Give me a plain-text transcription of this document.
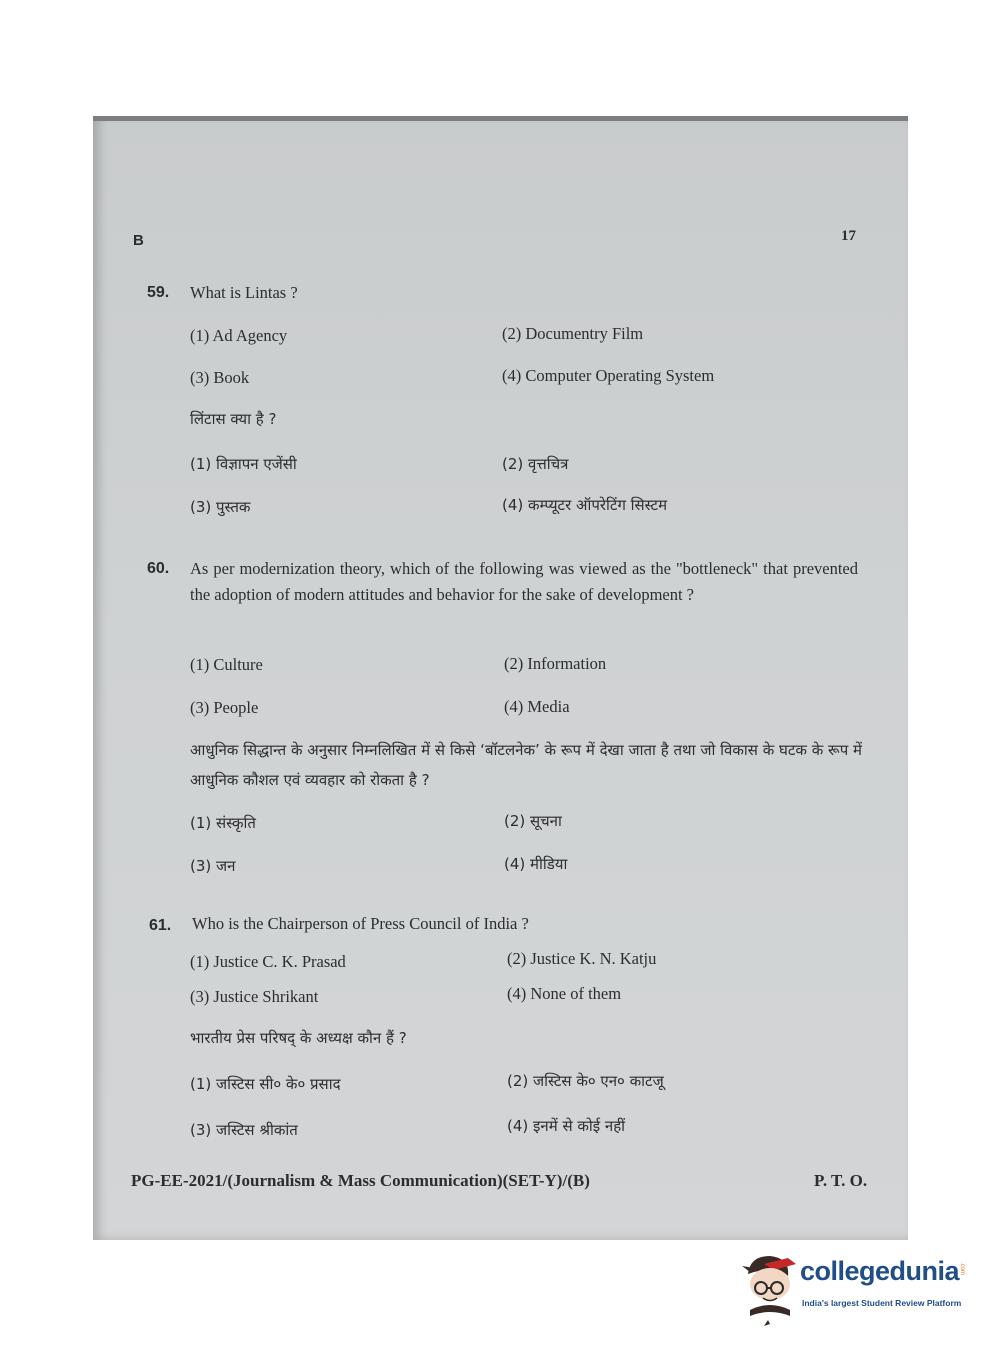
B	17
59. What is Lintas ?
(1) Ad Agency	(2) Documentry Film
(3) Book	(4) Computer Operating System
लिंटास क्या है ?
(1) विज्ञापन एजेंसी	(2) वृत्तचित्र
(3) पुस्तक	(4) कम्प्यूटर ऑपरेटिंग सिस्टम
60. As per modernization theory, which of the following was viewed as the "bottleneck" that prevented the adoption of modern attitudes and behavior for the sake of development ?
(1) Culture	(2) Information
(3) People	(4) Media
आधुनिक सिद्धान्त के अनुसार निम्नलिखित में से किसे ‘बॉटलनेक’ के रूप में देखा जाता है तथा जो विकास के घटक के रूप में आधुनिक कौशल एवं व्यवहार को रोकता है ?
(1) संस्कृति	(2) सूचना
(3) जन	(4) मीडिया
61. Who is the Chairperson of Press Council of India ?
(1) Justice C. K. Prasad	(2) Justice K. N. Katju
(3) Justice Shrikant	(4) None of them
भारतीय प्रेस परिषद् के अध्यक्ष कौन हैं ?
(1) जस्टिस सी० के० प्रसाद	(2) जस्टिस के० एन० काटजू
(3) जस्टिस श्रीकांत	(4) इनमें से कोई नहीं
PG-EE-2021/(Journalism & Mass Communication)(SET-Y)/(B)	P. T. O.
collegedunia .com
India's largest Student Review Platform
